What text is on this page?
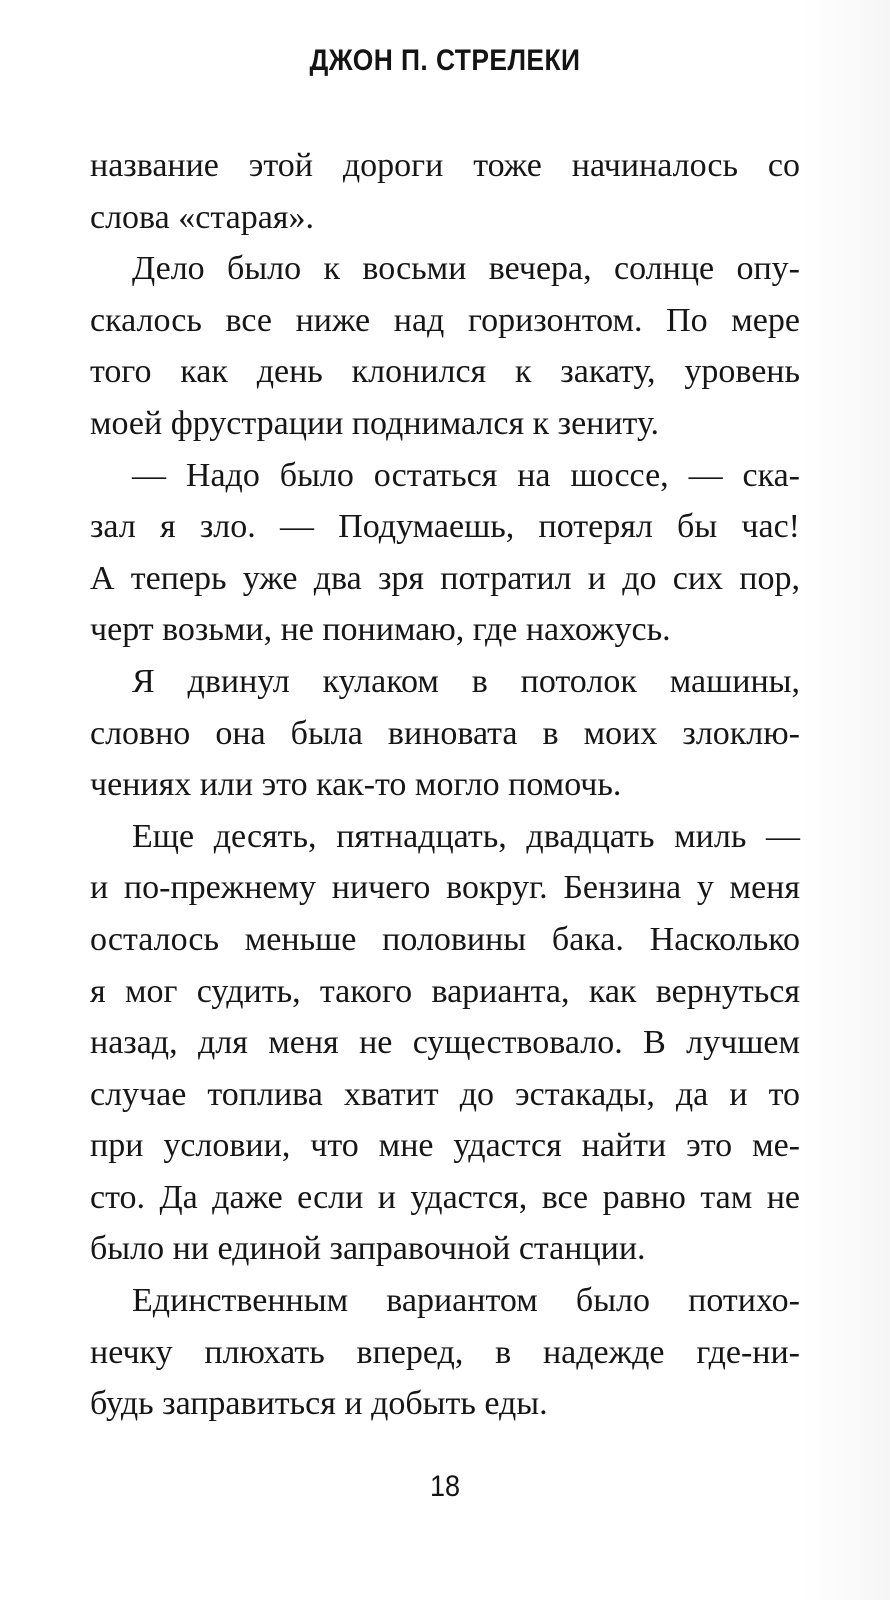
ДЖОН П. СТРЕЛЕКИ

название этой дороги тоже начиналось со
слова «старая».

Дело было к восьми вечера, солнце опу-
скалось все ниже над горизонтом. По мере
того как день клонился к закату, уровень
моей фрустрации поднимался к зениту.

— Надо было остаться на шоссе, — ска-
зал я зло. — Подумаешь, потерял бы час!
А теперь уже два зря потратил и до сих пор,
черт возьми, не понимаю, где нахожусь.

Я двинул кулаком в потолок машины,
словно она была виновата в моих злоклю-
чениях или это как-то могло помочь.

Еще десять, пятнадцать, двадцать миль —
и по-прежнему ничего вокруг. Бензина у меня
осталось меньше половины бака. Насколько
я мог судить, такого варианта, как вернуться
назад, для меня не существовало. В лучшем
случае топлива хватит до эстакады, да и то
при условии, что мне удастся найти это ме-
сто. Да даже если и удастся, все равно там не
было ни единой заправочной станции.

Единственным вариантом было потихо-
нечку плюхать вперед, в надежде где-ни-
будь заправиться и добыть еды.

18
